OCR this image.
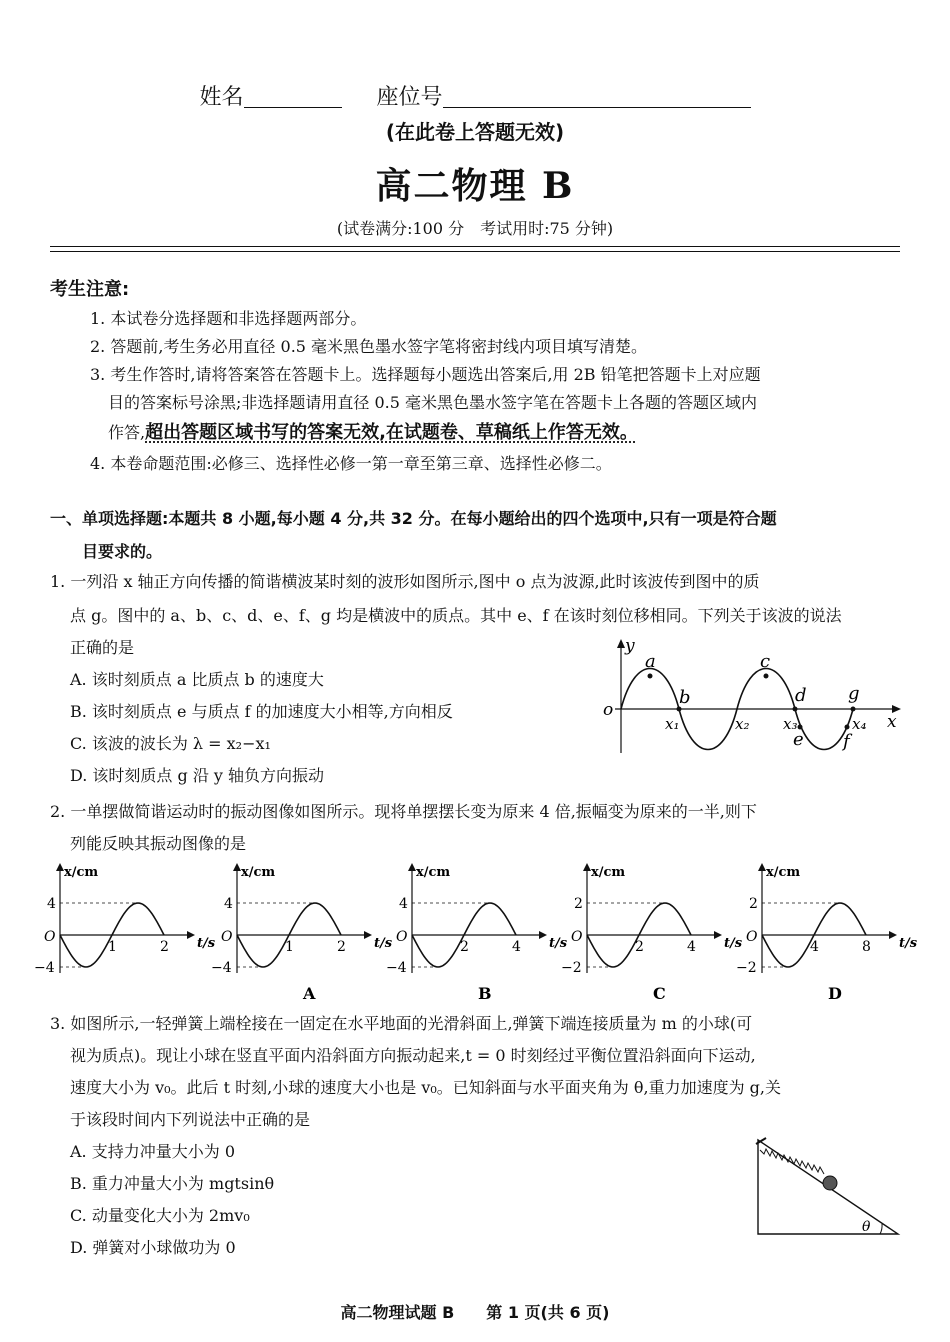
姓名	座位号
(在此卷上答题无效)
高二物理 B
(试卷满分:100 分　考试用时:75 分钟)
考生注意:
1. 本试卷分选择题和非选择题两部分。
2. 答题前,考生务必用直径 0.5 毫米黑色墨水签字笔将密封线内项目填写清楚。
3. 考生作答时,请将答案答在答题卡上。选择题每小题选出答案后,用 2B 铅笔把答题卡上对应题
目的答案标号涂黑;非选择题请用直径 0.5 毫米黑色墨水签字笔在答题卡上各题的答题区域内
作答,超出答题区域书写的答案无效,在试题卷、草稿纸上作答无效。
4. 本卷命题范围:必修三、选择性必修一第一章至第三章、选择性必修二。
一、单项选择题:本题共 8 小题,每小题 4 分,共 32 分。在每小题给出的四个选项中,只有一项是符合题
目要求的。
1. 一列沿 x 轴正方向传播的简谐横波某时刻的波形如图所示,图中 o 点为波源,此时该波传到图中的质
点 g。图中的 a、b、c、d、e、f、g 均是横波中的质点。其中 e、f 在该时刻位移相同。下列关于该波的说法
正确的是
A. 该时刻质点 a 比质点 b 的速度大
B. 该时刻质点 e 与质点 f 的加速度大小相等,方向相反
C. 该波的波长为 λ = x₂−x₁
D. 该时刻质点 g 沿 y 轴负方向振动
y
x
o
a
b
c
d
e f
g
x₁	x₂ x₃	x₄
2. 一单摆做简谐运动时的振动图像如图所示。现将单摆摆长变为原来 4 倍,振幅变为原来的一半,则下
列能反映其振动图像的是
x/cm
t/s
O
4
−4
1	2
x/cm
t/s
O
4
−4
1	2
A
x/cm
t/s
O
4
−4
2	4
B
x/cm
t/s
O
2
−2
2	4
C
x/cm
t/s
O
2
−2
4	8
D
3. 如图所示,一轻弹簧上端栓接在一固定在水平地面的光滑斜面上,弹簧下端连接质量为 m 的小球(可
视为质点)。现让小球在竖直平面内沿斜面方向振动起来,t = 0 时刻经过平衡位置沿斜面向下运动,
速度大小为 v₀。此后 t 时刻,小球的速度大小也是 v₀。已知斜面与水平面夹角为 θ,重力加速度为 g,关
于该段时间内下列说法中正确的是
A. 支持力冲量大小为 0
B. 重力冲量大小为 mgtsinθ
C. 动量变化大小为 2mv₀
D. 弹簧对小球做功为 0
θ
高二物理试题 B　　第 1 页(共 6 页)
